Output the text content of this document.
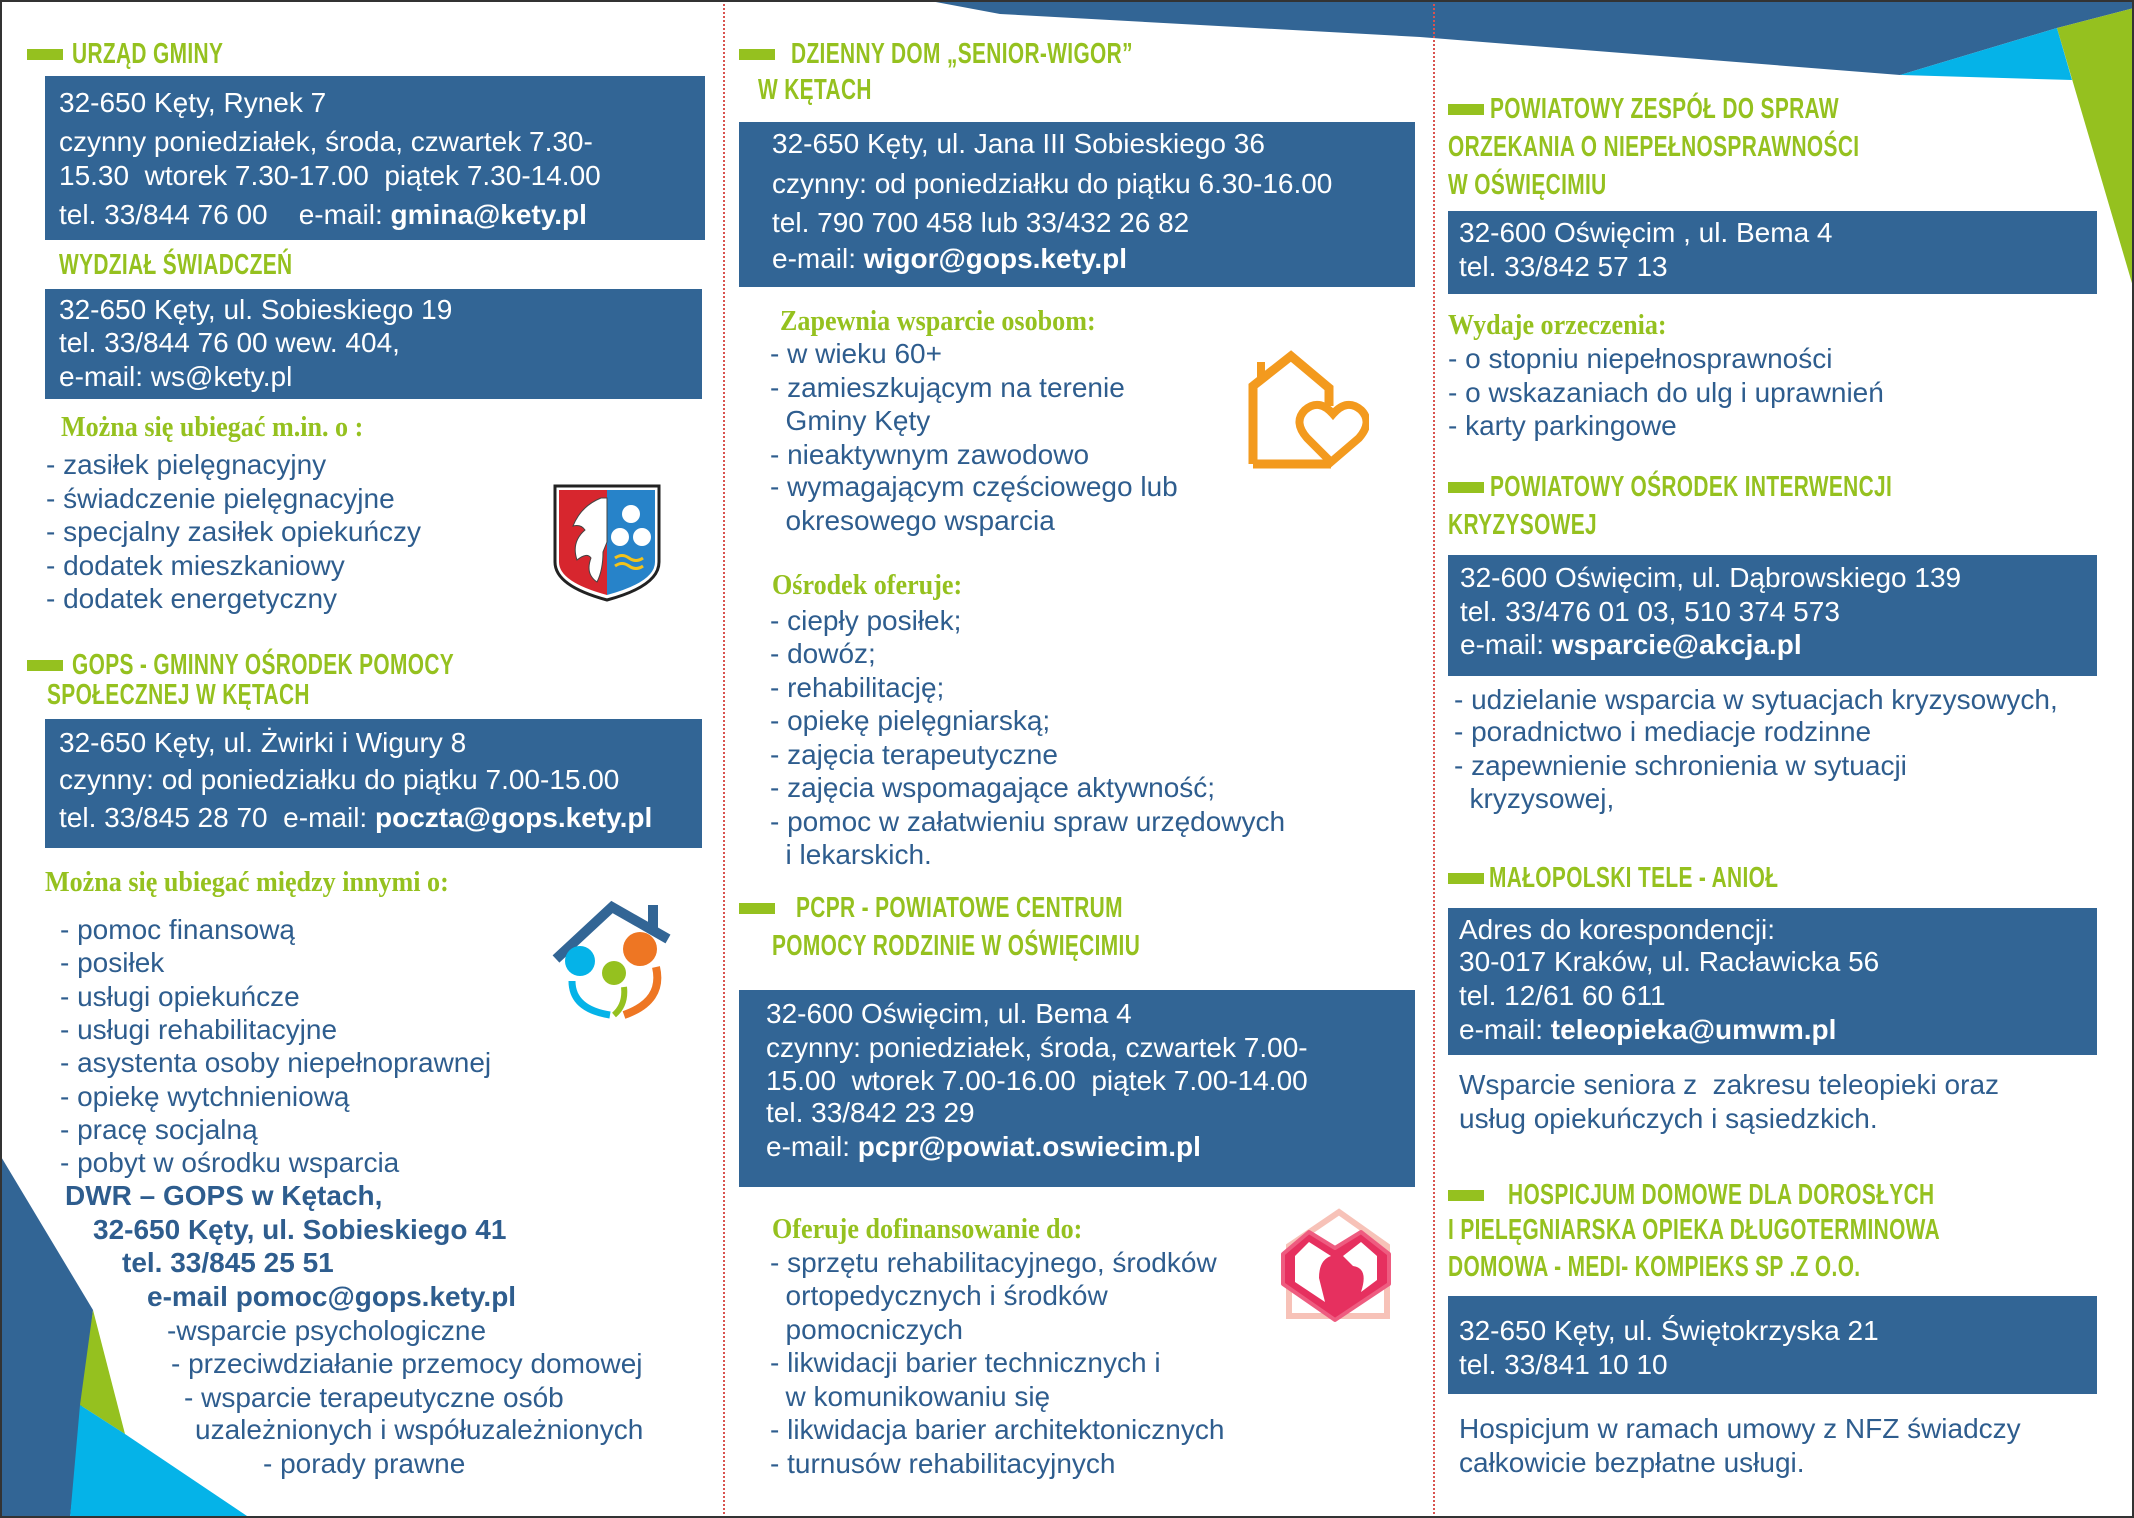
URZĄD GMINY
32-650 Kęty, Rynek 7
czynny poniedziałek, środa, czwartek 7.30-
15.30  wtorek 7.30-17.00  piątek 7.30-14.00
tel. 33/844 76 00    e-mail: gmina@kety.pl
WYDZIAŁ ŚWIADCZEŃ
32-650 Kęty, ul. Sobieskiego 19
tel. 33/844 76 00 wew. 404,
e-mail: ws@kety.pl
Można się ubiegać m.in. o :
- zasiłek pielęgnacyjny
- świadczenie pielęgnacyjne
- specjalny zasiłek opiekuńczy
- dodatek mieszkaniowy
- dodatek energetyczny
GOPS - GMINNY OŚRODEK POMOCY
SPOŁECZNEJ W KĘTACH
32-650 Kęty, ul. Żwirki i Wigury 8
czynny: od poniedziałku do piątku 7.00-15.00
tel. 33/845 28 70  e-mail: poczta@gops.kety.pl
Można się ubiegać między innymi o:
- pomoc finansową
- posiłek
- usługi opiekuńcze
- usługi rehabilitacyjne
- asystenta osoby niepełnoprawnej
- opiekę wytchnieniową
- pracę socjalną
- pobyt w ośrodku wsparcia
DWR – GOPS w Kętach,
32-650 Kęty, ul. Sobieskiego 41
tel. 33/845 25 51
e-mail pomoc@gops.kety.pl
-wsparcie psychologiczne
- przeciwdziałanie przemocy domowej
- wsparcie terapeutyczne osób
uzależnionych i współuzależnionych
- porady prawne
DZIENNY DOM „SENIOR-WIGOR”
W KĘTACH
32-650 Kęty, ul. Jana III Sobieskiego 36
czynny: od poniedziałku do piątku 6.30-16.00
tel. 790 700 458 lub 33/432 26 82
e-mail: wigor@gops.kety.pl
Zapewnia wsparcie osobom:
- w wieku 60+
- zamieszkującym na terenie
Gminy Kęty
- nieaktywnym zawodowo
- wymagającym częściowego lub
okresowego wsparcia
Ośrodek oferuje:
- ciepły posiłek;
- dowóz;
- rehabilitację;
- opiekę pielęgniarską;
- zajęcia terapeutyczne
- zajęcia wspomagające aktywność;
- pomoc w załatwieniu spraw urzędowych
i lekarskich.
PCPR - POWIATOWE CENTRUM
POMOCY RODZINIE W OŚWIĘCIMIU
32-600 Oświęcim, ul. Bema 4
czynny: poniedziałek, środa, czwartek 7.00-
15.00  wtorek 7.00-16.00  piątek 7.00-14.00
tel. 33/842 23 29
e-mail: pcpr@powiat.oswiecim.pl
Oferuje dofinansowanie do:
- sprzętu rehabilitacyjnego, środków
ortopedycznych i środków
pomocniczych
- likwidacji barier technicznych i
w komunikowaniu się
- likwidacja barier architektonicznych
- turnusów rehabilitacyjnych
POWIATOWY ZESPÓŁ DO SPRAW
ORZEKANIA O NIEPEŁNOSPRAWNOŚCI
W OŚWIĘCIMIU
32-600 Oświęcim , ul. Bema 4
tel. 33/842 57 13
Wydaje orzeczenia:
- o stopniu niepełnosprawności
- o wskazaniach do ulg i uprawnień
- karty parkingowe
POWIATOWY OŚRODEK INTERWENCJI
KRYZYSOWEJ
32-600 Oświęcim, ul. Dąbrowskiego 139
tel. 33/476 01 03, 510 374 573
e-mail: wsparcie@akcja.pl
- udzielanie wsparcia w sytuacjach kryzysowych,
- poradnictwo i mediacje rodzinne
- zapewnienie schronienia w sytuacji
kryzysowej,
MAŁOPOLSKI TELE - ANIOŁ
Adres do korespondencji:
30-017 Kraków, ul. Racławicka 56
tel. 12/61 60 611
e-mail: teleopieka@umwm.pl
Wsparcie seniora z  zakresu teleopieki oraz
usług opiekuńczych i sąsiedzkich.
HOSPICJUM DOMOWE DLA DOROSŁYCH
I PIELĘGNIARSKA OPIEKA DŁUGOTERMINOWA
DOMOWA - MEDI- KOMPIEKS SP .Z O.O.
32-650 Kęty, ul. Świętokrzyska 21
tel. 33/841 10 10
Hospicjum w ramach umowy z NFZ świadczy
całkowicie bezpłatne usługi.
